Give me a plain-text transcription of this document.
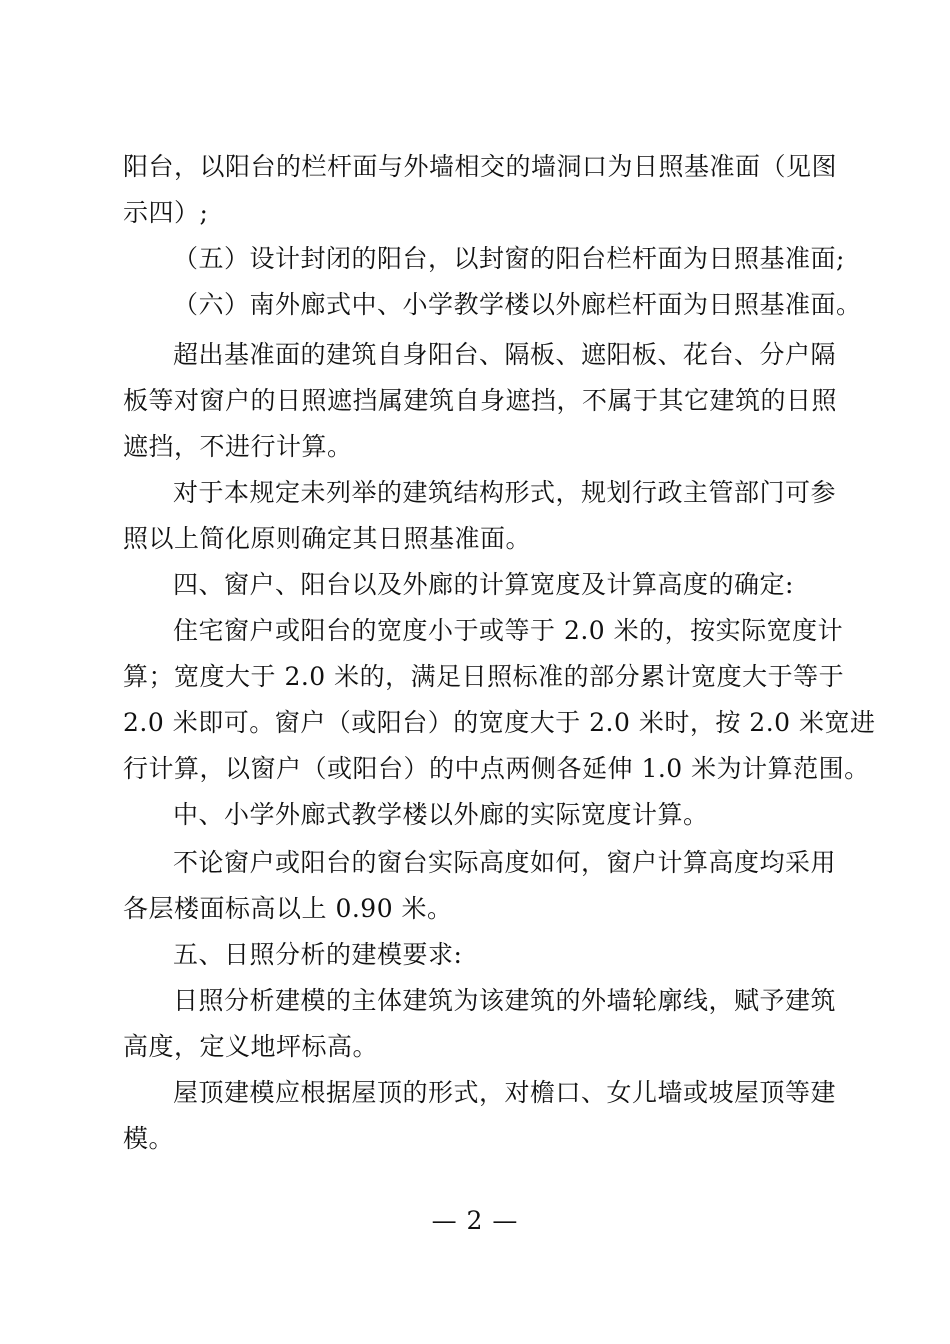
阳台，以阳台的栏杆面与外墙相交的墙洞口为日照基准面（见图
示四）;
（五）设计封闭的阳台，以封窗的阳台栏杆面为日照基准面;
（六）南外廊式中、小学教学楼以外廊栏杆面为日照基准面。
超出基准面的建筑自身阳台、隔板、遮阳板、花台、分户隔
板等对窗户的日照遮挡属建筑自身遮挡，不属于其它建筑的日照
遮挡，不进行计算。
对于本规定未列举的建筑结构形式，规划行政主管部门可参
照以上简化原则确定其日照基准面。
四、窗户、阳台以及外廊的计算宽度及计算高度的确定:
住宅窗户或阳台的宽度小于或等于 2.0 米的，按实际宽度计
算；宽度大于 2.0 米的，满足日照标准的部分累计宽度大于等于
2.0 米即可。窗户（或阳台）的宽度大于 2.0 米时，按 2.0 米宽进
行计算，以窗户（或阳台）的中点两侧各延伸 1.0 米为计算范围。
中、小学外廊式教学楼以外廊的实际宽度计算。
不论窗户或阳台的窗台实际高度如何，窗户计算高度均采用
各层楼面标高以上 0.90 米。
五、日照分析的建模要求:
日照分析建模的主体建筑为该建筑的外墙轮廓线，赋予建筑
高度，定义地坪标高。
屋顶建模应根据屋顶的形式，对檐口、女儿墙或坡屋顶等建
模。
— 2 —
